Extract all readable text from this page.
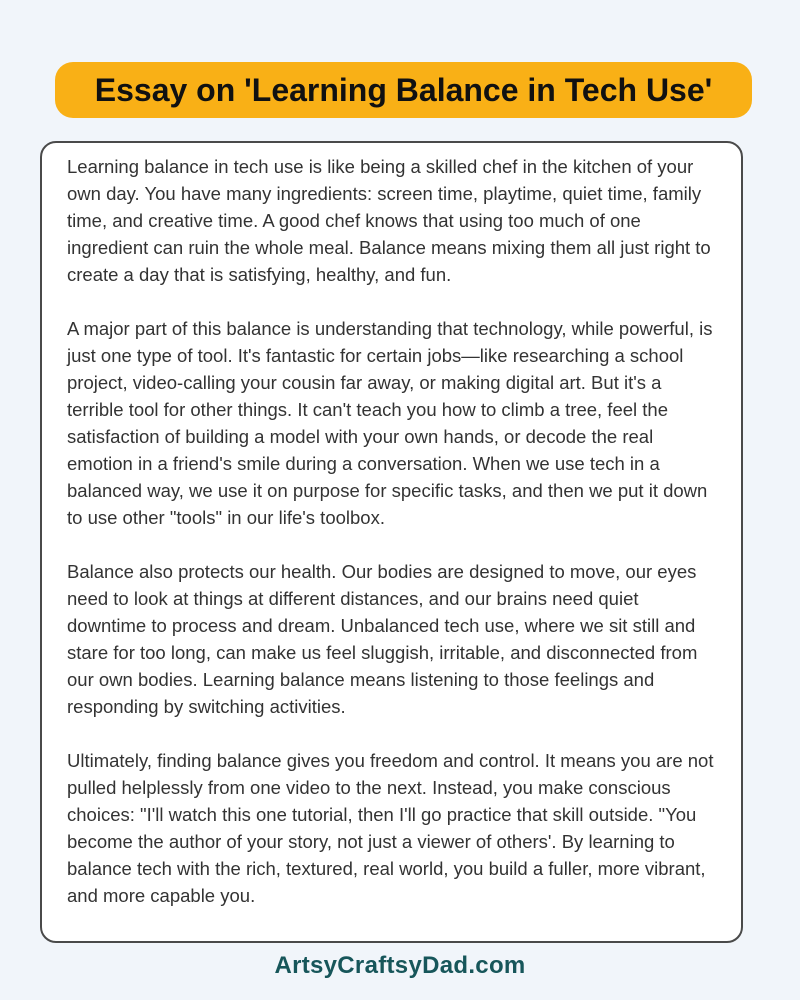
Essay on 'Learning Balance in Tech Use'

Learning balance in tech use is like being a skilled chef in the kitchen of your own day. You have many ingredients: screen time, playtime, quiet time, family time, and creative time. A good chef knows that using too much of one ingredient can ruin the whole meal. Balance means mixing them all just right to create a day that is satisfying, healthy, and fun.

A major part of this balance is understanding that technology, while powerful, is just one type of tool. It's fantastic for certain jobs—like researching a school project, video-calling your cousin far away, or making digital art. But it's a terrible tool for other things. It can't teach you how to climb a tree, feel the satisfaction of building a model with your own hands, or decode the real emotion in a friend's smile during a conversation. When we use tech in a balanced way, we use it on purpose for specific tasks, and then we put it down to use other "tools" in our life's toolbox.

Balance also protects our health. Our bodies are designed to move, our eyes need to look at things at different distances, and our brains need quiet downtime to process and dream. Unbalanced tech use, where we sit still and stare for too long, can make us feel sluggish, irritable, and disconnected from our own bodies. Learning balance means listening to those feelings and responding by switching activities.

Ultimately, finding balance gives you freedom and control. It means you are not pulled helplessly from one video to the next. Instead, you make conscious choices: "I'll watch this one tutorial, then I'll go practice that skill outside. "You become the author of your story, not just a viewer of others'. By learning to balance tech with the rich, textured, real world, you build a fuller, more vibrant, and more capable you.

ArtsyCraftsyDad.com
